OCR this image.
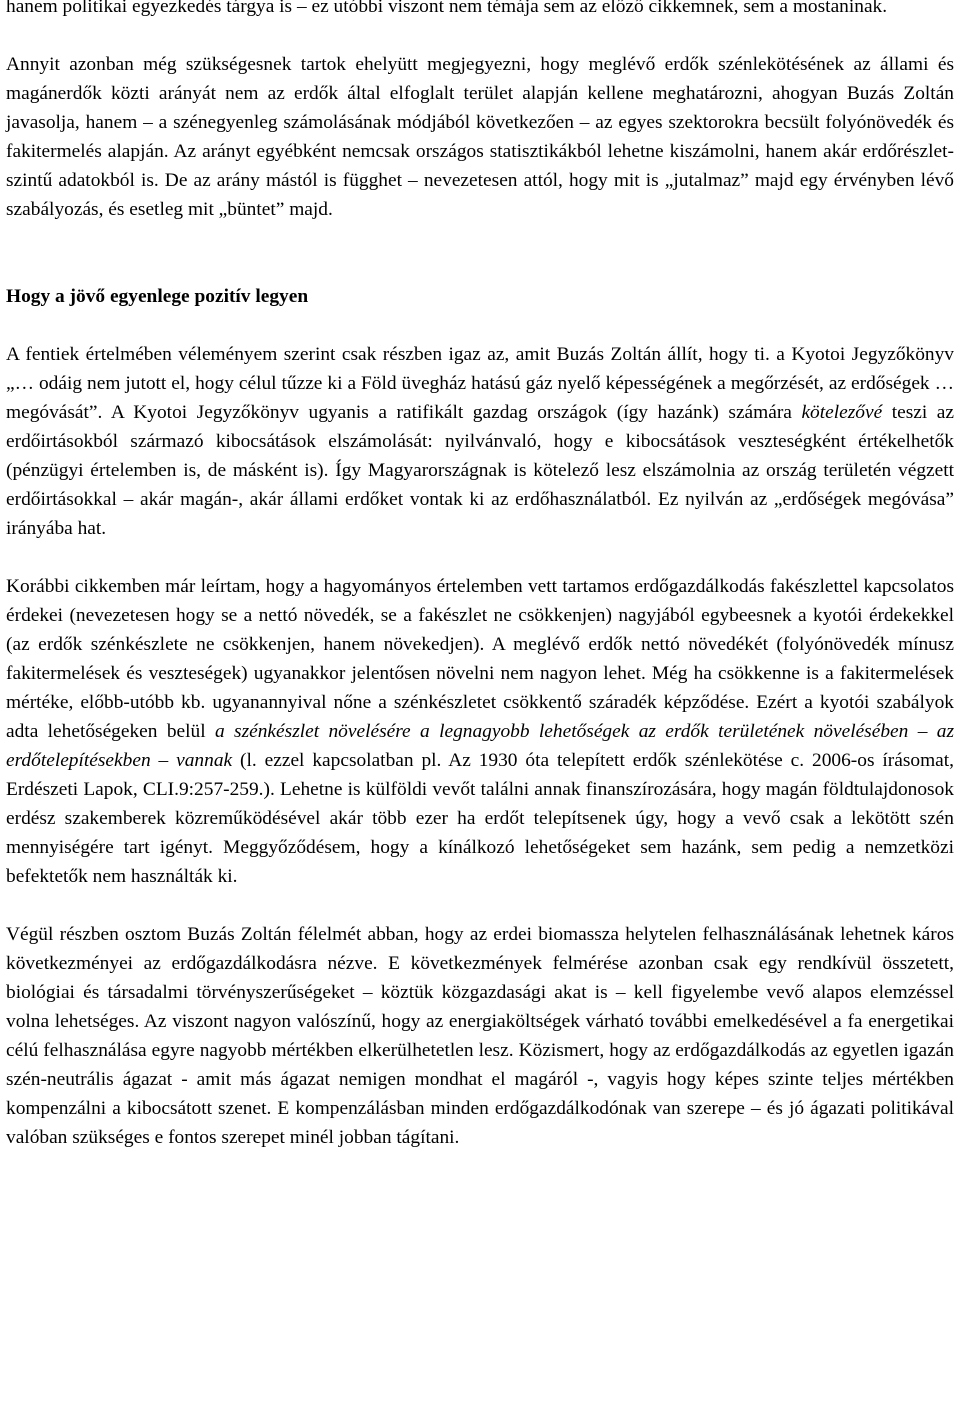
hanem politikai egyezkedés tárgya is – ez utóbbi viszont nem témája sem az előző cikkemnek, sem a mostaninak.

Annyit azonban még szükségesnek tartok ehelyütt megjegyezni, hogy meglévő erdők szénlekötésének az állami és magánerdők közti arányát nem az erdők által elfoglalt terület alapján kellene meghatározni, ahogyan Buzás Zoltán javasolja, hanem – a szénegyenleg számolásának módjából következően – az egyes szektorokra becsült folyónövedék és fakitermelés alapján. Az arányt egyébként nemcsak országos statisztikákból lehetne kiszámolni, hanem akár erdőrészlet-szintű adatokból is. De az arány mástól is függhet – nevezetesen attól, hogy mit is „jutalmaz” majd egy érvényben lévő szabályozás, és esetleg mit „büntet” majd.

Hogy a jövő egyenlege pozitív legyen

A fentiek értelmében véleményem szerint csak részben igaz az, amit Buzás Zoltán állít, hogy ti. a Kyotoi Jegyzőkönyv „… odáig nem jutott el, hogy célul tűzze ki a Föld üvegház hatású gáz nyelő képességének a megőrzését, az erdőségek … megóvását”. A Kyotoi Jegyzőkönyv ugyanis a ratifikált gazdag országok (így hazánk) számára kötelezővé teszi az erdőirtásokból származó kibocsátások elszámolását: nyilvánvaló, hogy e kibocsátások veszteségként értékelhetők (pénzügyi értelemben is, de másként is). Így Magyarországnak is kötelező lesz elszámolnia az ország területén végzett erdőirtásokkal – akár magán-, akár állami erdőket vontak ki az erdőhasználatból. Ez nyilván az „erdőségek megóvása” irányába hat.

Korábbi cikkemben már leírtam, hogy a hagyományos értelemben vett tartamos erdőgazdálkodás fakészlettel kapcsolatos érdekei (nevezetesen hogy se a nettó növedék, se a fakészlet ne csökkenjen) nagyjából egybeesnek a kyotói érdekekkel (az erdők szénkészlete ne csökkenjen, hanem növekedjen). A meglévő erdők nettó növedékét (folyónövedék mínusz fakitermelések és veszteségek) ugyanakkor jelentősen növelni nem nagyon lehet. Még ha csökkenne is a fakitermelések mértéke, előbb-utóbb kb. ugyanannyival nőne a szénkészletet csökkentő száradék képződése. Ezért a kyotói szabályok adta lehetőségeken belül a szénkészlet növelésére a legnagyobb lehetőségek az erdők területének növelésében – az erdőtelepítésekben – vannak (l. ezzel kapcsolatban pl. Az 1930 óta telepített erdők szénlekötése c. 2006-os írásomat, Erdészeti Lapok, CLI.9:257-259.). Lehetne is külföldi vevőt találni annak finanszírozására, hogy magán földtulajdonosok erdész szakemberek közreműködésével akár több ezer ha erdőt telepítsenek úgy, hogy a vevő csak a lekötött szén mennyiségére tart igényt. Meggyőződésem, hogy a kínálkozó lehetőségeket sem hazánk, sem pedig a nemzetközi befektetők nem használták ki.

Végül részben osztom Buzás Zoltán félelmét abban, hogy az erdei biomassza helytelen felhasználásának lehetnek káros következményei az erdőgazdálkodásra nézve. E következmények felmérése azonban csak egy rendkívül összetett, biológiai és társadalmi törvényszerűségeket – köztük közgazdasági akat is – kell figyelembe vevő alapos elemzéssel volna lehetséges. Az viszont nagyon valószínű, hogy az energiaköltségek várható további emelkedésével a fa energetikai célú felhasználása egyre nagyobb mértékben elkerülhetetlen lesz. Közismert, hogy az erdőgazdálkodás az egyetlen igazán szén-neutrális ágazat - amit más ágazat nemigen mondhat el magáról -, vagyis hogy képes szinte teljes mértékben kompenzálni a kibocsátott szenet. E kompenzálásban minden erdőgazdálkodónak van szerepe – és jó ágazati politikával valóban szükséges e fontos szerepet minél jobban tágítani.
